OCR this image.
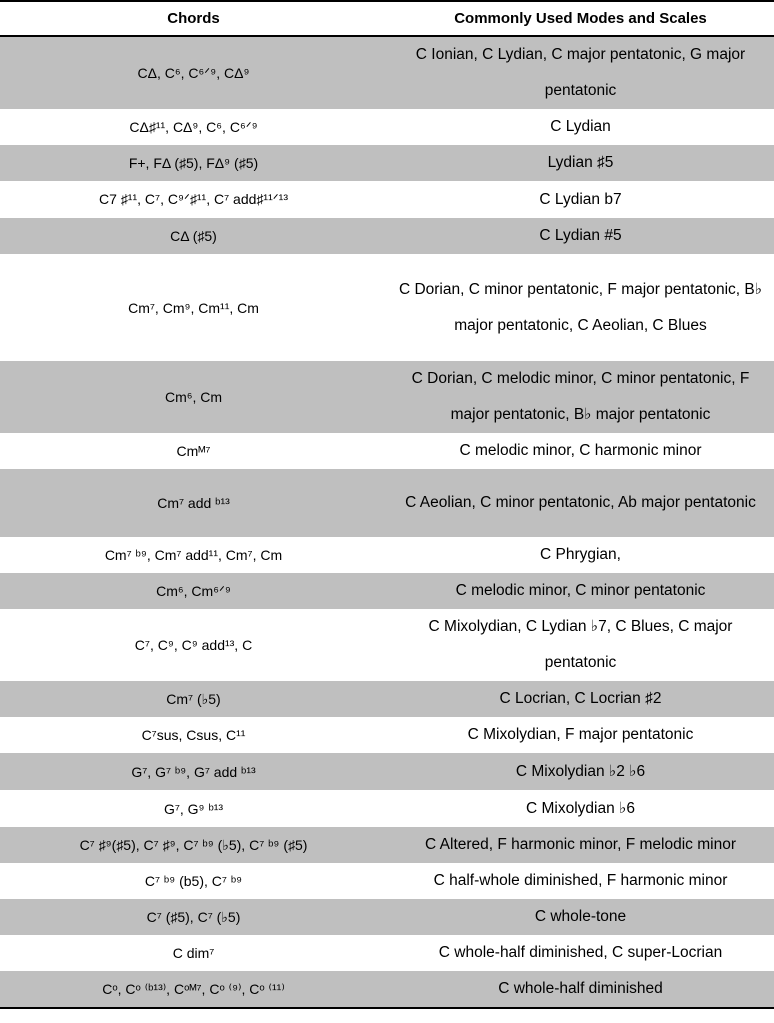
Chords	Commonly Used Modes and Scales
CΔ, C⁶, C⁶ᐟ⁹, CΔ⁹	C Ionian, C Lydian, C major pentatonic, G major pentatonic
CΔ♯¹¹, CΔ⁹, C⁶, C⁶ᐟ⁹	C Lydian
F+, FΔ (♯5), FΔ⁹ (♯5)	Lydian ♯5
C7 ♯¹¹, C⁷, C⁹ᐟ♯¹¹, C⁷ add♯¹¹ᐟ¹³	C Lydian b7
CΔ (♯5)	C Lydian #5
Cm⁷, Cm⁹, Cm¹¹, Cm	C Dorian, C minor pentatonic, F major pentatonic, B♭ major pentatonic, C Aeolian, C Blues
Cm⁶, Cm	C Dorian, C melodic minor, C minor pentatonic, F major pentatonic, B♭ major pentatonic
Cmᴹ⁷	C melodic minor, C harmonic minor
Cm⁷ add ᵇ¹³	C Aeolian, C minor pentatonic, Ab major pentatonic
Cm⁷ ᵇ⁹, Cm⁷ add¹¹, Cm⁷, Cm	C Phrygian,
Cm⁶, Cm⁶ᐟ⁹	C melodic minor, C minor pentatonic
C⁷, C⁹, C⁹ add¹³, C	C Mixolydian, C Lydian ♭7, C Blues, C major pentatonic
Cm⁷ (♭5)	C Locrian, C Locrian ♯2
C⁷sus, Csus, C¹¹	C Mixolydian, F major pentatonic
G⁷, G⁷ ᵇ⁹, G⁷ add ᵇ¹³	C Mixolydian ♭2 ♭6
G⁷, G⁹ ᵇ¹³	C Mixolydian ♭6
C⁷ ♯⁹(♯5), C⁷ ♯⁹, C⁷ ᵇ⁹ (♭5), C⁷ ᵇ⁹ (♯5)	C Altered, F harmonic minor, F melodic minor
C⁷ ᵇ⁹ (b5), C⁷ ᵇ⁹	C half-whole diminished, F harmonic minor
C⁷ (♯5), C⁷ (♭5)	C whole-tone
C dim⁷	C whole-half diminished, C super-Locrian
Cᵒ, Cᵒ ⁽ᵇ¹³⁾, Cᵒᴹ⁷, Cᵒ ⁽⁹⁾, Cᵒ ⁽¹¹⁾	C whole-half diminished
